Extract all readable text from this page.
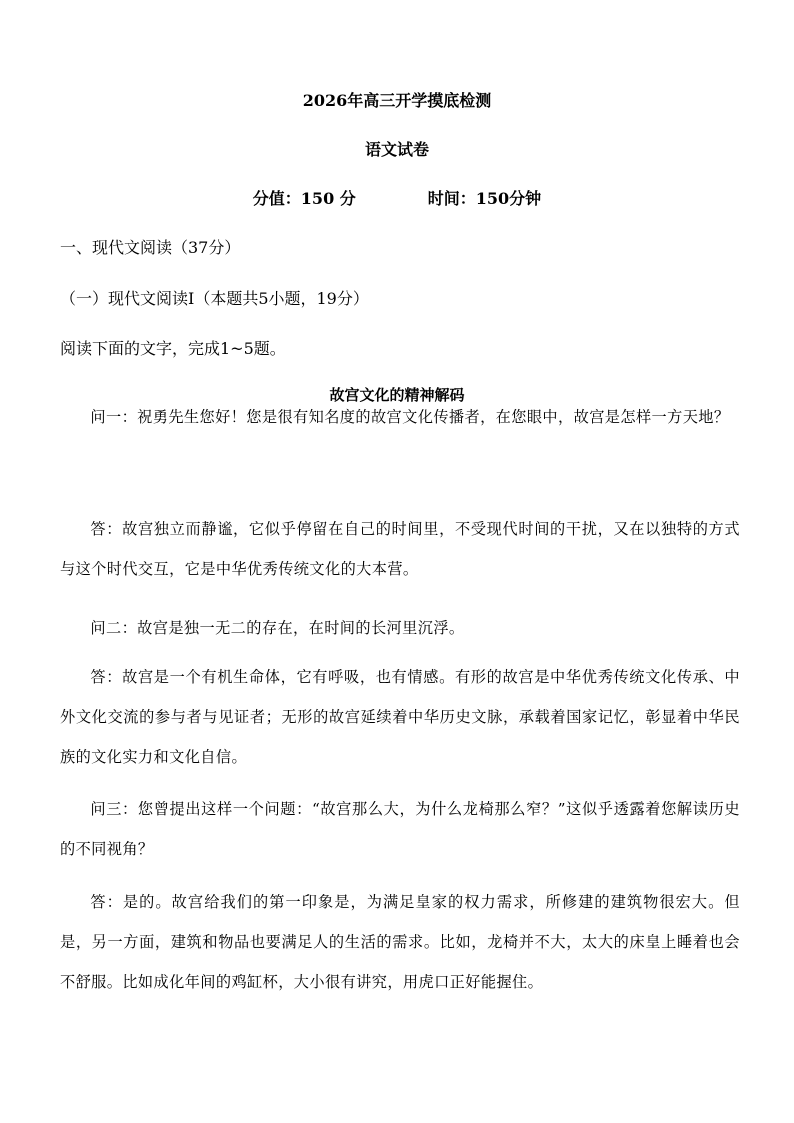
2026年高三开学摸底检测
语文试卷
分值：150 分	时间：150分钟
一、现代文阅读（37分）
（一）现代文阅读Ⅰ（本题共5小题，19分）
阅读下面的文字，完成1~5题。
故宫文化的精神解码

问一：祝勇先生您好！您是很有知名度的故宫文化传播者，在您眼中，故宫是怎样一方天地？

答：故宫独立而静谧，它似乎停留在自己的时间里，不受现代时间的干扰，又在以独特的方式与这个时代交互，它是中华优秀传统文化的大本营。

问二：故宫是独一无二的存在，在时间的长河里沉浮。

答：故宫是一个有机生命体，它有呼吸，也有情感。有形的故宫是中华优秀传统文化传承、中外文化交流的参与者与见证者；无形的故宫延续着中华历史文脉，承载着国家记忆，彰显着中华民族的文化实力和文化自信。

问三：您曾提出这样一个问题：“故宫那么大，为什么龙椅那么窄？”这似乎透露着您解读历史的不同视角？

答：是的。故宫给我们的第一印象是，为满足皇家的权力需求，所修建的建筑物很宏大。但是，另一方面，建筑和物品也要满足人的生活的需求。比如，龙椅并不大，太大的床皇上睡着也会不舒服。比如成化年间的鸡缸杯，大小很有讲究，用虎口正好能握住。
